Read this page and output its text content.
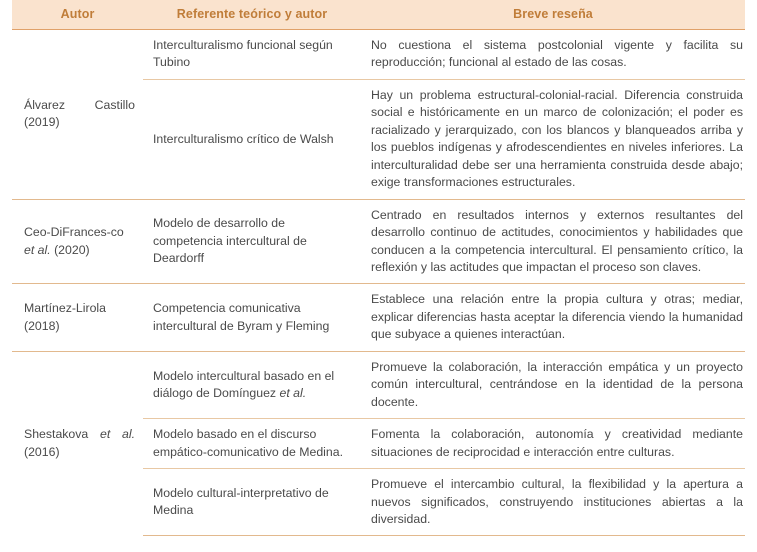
Autor	Referente teórico y autor	Breve reseña

Álvarez Castillo
(2019)	Interculturalismo funcional según Tubino	No cuestiona el sistema postcolonial vigente y facilita su reproducción; funcional al estado de las cosas.
	Interculturalismo crítico de Walsh	Hay un problema estructural-colonial-racial. Diferencia construida social e históricamente en un marco de colonización; el poder es racializado y jerarquizado, con los blancos y blanqueados arriba y los pueblos indígenas y afrodescendientes en niveles inferiores. La interculturalidad debe ser una herramienta construida desde abajo; exige transformaciones estructurales.

Ceo-DiFrances-co et al. (2020)	Modelo de desarrollo de competencia intercultural de Deardorff	Centrado en resultados internos y externos resultantes del desarrollo continuo de actitudes, conocimientos y habilidades que conducen a la competencia intercultural. El pensamiento crítico, la reflexión y las actitudes que impactan el proceso son claves.

Martínez-Lirola
(2018)	Competencia comunicativa intercultural de Byram y Fleming	Establece una relación entre la propia cultura y otras; mediar, explicar diferencias hasta aceptar la diferencia viendo la humanidad que subyace a quienes interactúan.

Shestakova et al.
(2016)	Modelo intercultural basado en el diálogo de Domínguez et al.	Promueve la colaboración, la interacción empática y un proyecto común intercultural, centrándose en la identidad de la persona docente.
	Modelo basado en el discurso empático-comunicativo de Medina.	Fomenta la colaboración, autonomía y creatividad mediante situaciones de reciprocidad e interacción entre culturas.
	Modelo cultural-interpretativo de Medina	Promueve el intercambio cultural, la flexibilidad y la apertura a nuevos significados, construyendo instituciones abiertas a la diversidad.
